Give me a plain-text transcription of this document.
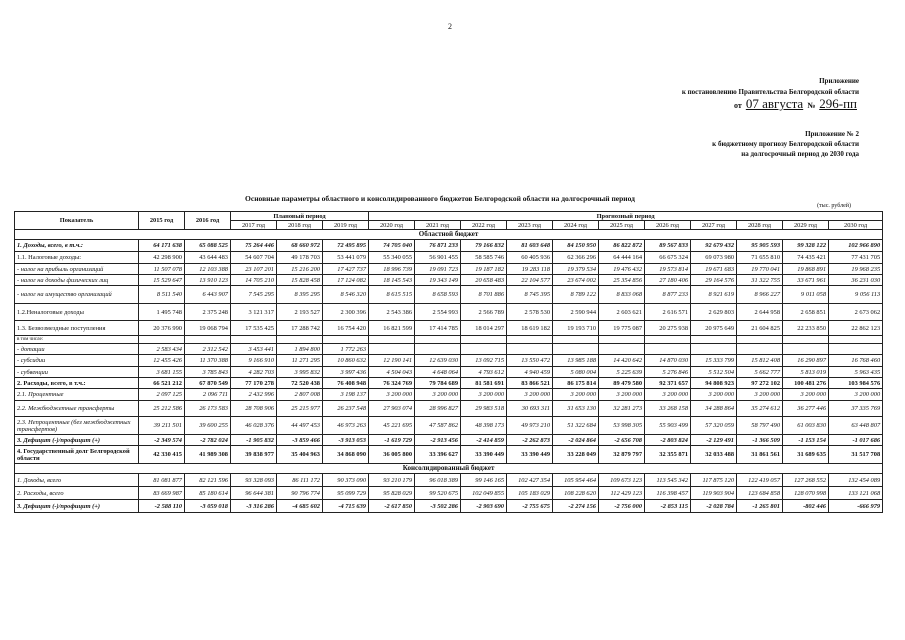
2
Приложение
к постановлению Правительства Белгородской области
от 07 августа № 296-пп
Приложение № 2
к бюджетному прогнозу Белгородской области
на долгосрочный период до 2030 года
Основные параметры областного и консолидированного бюджетов Белгородской области на долгосрочный период
(тыс. рублей)
Показатель	2015 год	2016 год	Плановый период			Прогнозный период										
			2017 год	2018 год	2019 год	2020 год	2021 год	2022 год	2023 год	2024 год	2025 год	2026 год	2027 год	2028 год	2029 год	2030 год
Областной бюджет																
1. Доходы, всего, в т.ч.:	64 171 638	65 088 525	75 264 446	68 660 972	72 495 895	74 705 040	76 871 233	79 166 832	81 603 648	84 150 950	86 822 872	89 567 833	92 679 432	95 905 593	99 328 122	102 966 890
1.1. Налоговые доходы:	42 298 900	43 644 483	54 607 704	49 178 703	53 441 079	55 340 055	56 901 455	58 585 746	60 405 936	62 366 296	64 444 164	66 675 324	69 073 980	71 655 810	74 435 421	77 431 705
- налог на прибыль организаций	11 507 078	12 103 388	23 107 201	15 216 200	17 427 737	18 996 739	19 091 723	19 187 182	19 283 118	19 379 534	19 476 432	19 573 814	19 671 683	19 770 041	19 868 891	19 968 235
- налог на доходы физических лиц	15 529 647	13 910 123	14 705 210	15 828 458	17 124 082	18 145 543	19 343 149	20 658 483	22 104 577	23 674 002	25 354 856	27 180 406	29 164 576	31 322 755	33 671 961	36 231 030
- налог на имущество организаций	8 511 540	6 443 907	7 545 295	8 395 295	8 546 320	8 615 515	8 658 593	8 701 886	8 745 395	8 789 122	8 833 068	8 877 233	8 921 619	8 966 227	9 011 058	9 056 113
1.2.Неналоговые доходы	1 495 748	2 375 248	3 121 317	2 193 527	2 300 396	2 543 386	2 554 993	2 566 789	2 578 530	2 590 944	2 603 621	2 616 571	2 629 803	2 644 958	2 658 851	2 673 062
1.3. Безвозмездные поступления	20 376 990	19 068 794	17 535 425	17 288 742	16 754 420	16 821 599	17 414 785	18 014 297	18 619 182	19 193 710	19 775 087	20 275 938	20 975 649	21 604 825	22 233 850	22 862 123
в том числе:																
- дотации	2 583 434	2 312 542	3 453 441	1 894 800	1 772 263											
- субсидии	12 455 426	11 370 388	9 166 910	11 271 295	10 860 632	12 190 141	12 639 030	13 092 715	13 550 472	13 985 188	14 420 642	14 870 030	15 333 799	15 812 408	16 290 897	16 768 460
- субвенции	3 681 155	3 785 843	4 282 703	3 995 832	3 997 436	4 504 043	4 648 064	4 793 612	4 940 459	5 080 004	5 225 639	5 276 846	5 512 504	5 662 777	5 813 019	5 963 435
2. Расходы, всего, в т.ч.:	66 521 212	67 870 549	77 170 278	72 520 438	76 408 948	76 324 769	79 784 689	81 581 691	83 866 521	86 175 814	89 479 580	92 371 657	94 808 923	97 272 102	100 481 276	103 984 576
2.1. Процентные	2 097 125	2 096 711	2 432 996	2 807 008	3 198 137	3 200 000	3 200 000	3 200 000	3 200 000	3 200 000	3 200 000	3 200 000	3 200 000	3 200 000	3 200 000	3 200 000
2.2. Межбюджетные трансферты	25 212 586	26 173 583	28 708 906	25 215 977	26 237 548	27 903 074	28 996 827	29 983 518	30 693 311	31 653 130	32 281 273	33 268 158	34 288 864	35 274 612	36 277 446	37 335 769
2.3. Непроцентные (без межбюджетных трансфертов)	39 211 501	39 600 255	46 028 376	44 497 453	46 973 263	45 221 695	47 587 862	48 398 173	49 973 210	51 322 684	53 998 305	55 903 499	57 320 059	58 797 490	61 003 830	63 448 807
3. Дефицит (-)/профицит (+)	-2 349 574	-2 782 024	-1 905 832	-3 859 466	-3 913 053	-1 619 729	-2 913 456	-2 414 859	-2 262 873	-2 024 864	-2 656 708	-2 803 824	-2 129 491	-1 366 509	-1 153 154	-1 017 686
4. Государственный долг Белгородской области	42 330 415	41 989 308	39 838 977	35 404 963	34 868 090	36 005 800	33 396 627	33 390 449	33 390 449	33 228 049	32 879 797	32 355 871	32 033 488	31 861 561	31 689 635	31 517 708
Консолидированный бюджет																
1. Доходы, всего	81 081 877	82 121 596	93 328 093	86 111 172	90 373 090	93 210 179	96 018 389	99 146 165	102 427 354	105 954 464	109 673 123	113 545 342	117 875 120	122 419 057	127 268 552	132 454 089
2. Расходы, всего	83 669 987	85 180 614	96 644 381	90 796 774	95 099 729	95 828 029	99 520 675	102 049 855	105 183 029	108 228 620	112 429 123	116 398 457	119 903 904	123 684 858	128 070 998	133 121 068
3. Дефицит (-)/профицит (+)	-2 588 110	-3 059 018	-3 316 286	-4 685 602	-4 715 639	-2 617 850	-3 502 286	-2 903 690	-2 755 675	-2 274 156	-2 756 000	-2 853 115	-2 028 784	-1 265 801	-802 446	-666 979
